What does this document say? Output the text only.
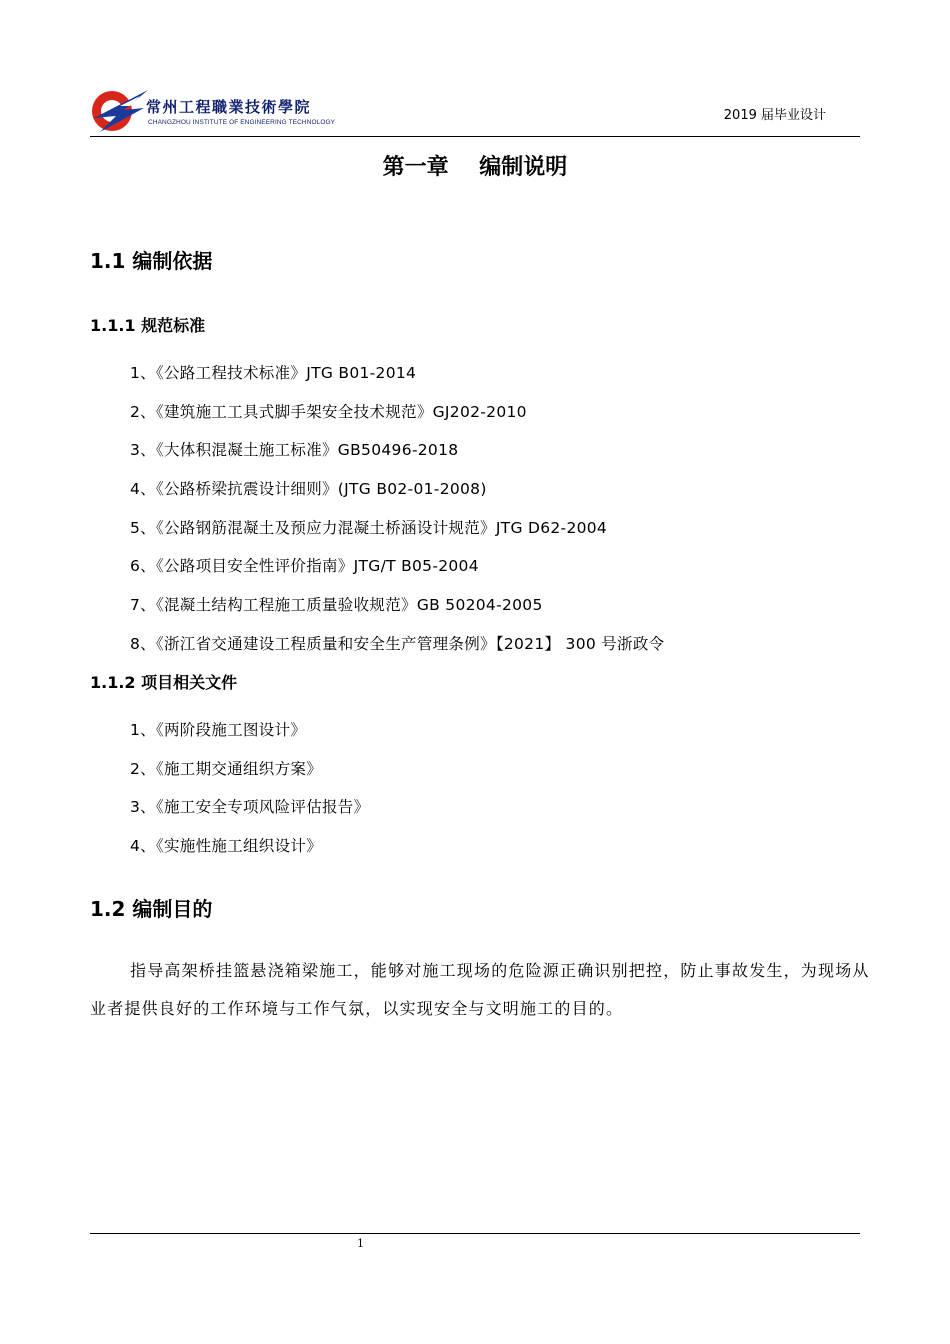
常州工程職業技術學院
CHANGZHOU INSTITUTE OF ENGINEERING TECHNOLOGY	2019 届毕业设计
第一章    编制说明
1.1 编制依据
1.1.1 规范标准
1、《公路工程技术标准》JTG B01-2014
2、《建筑施工工具式脚手架安全技术规范》GJ202-2010
3、《大体积混凝土施工标准》GB50496-2018
4、《公路桥梁抗震设计细则》(JTG B02-01-2008)
5、《公路钢筋混凝土及预应力混凝土桥涵设计规范》JTG D62-2004
6、《公路项目安全性评价指南》JTG/T B05-2004
7、《混凝土结构工程施工质量验收规范》GB 50204-2005
8、《浙江省交通建设工程质量和安全生产管理条例》【2021】 300 号浙政令
1.1.2 项目相关文件
1、《两阶段施工图设计》
2、《施工期交通组织方案》
3、《施工安全专项风险评估报告》
4、《实施性施工组织设计》
1.2 编制目的
指导高架桥挂篮悬浇箱梁施工，能够对施工现场的危险源正确识别把控，防止事故发生，为现场从业者提供良好的工作环境与工作气氛，以实现安全与文明施工的目的。
1
